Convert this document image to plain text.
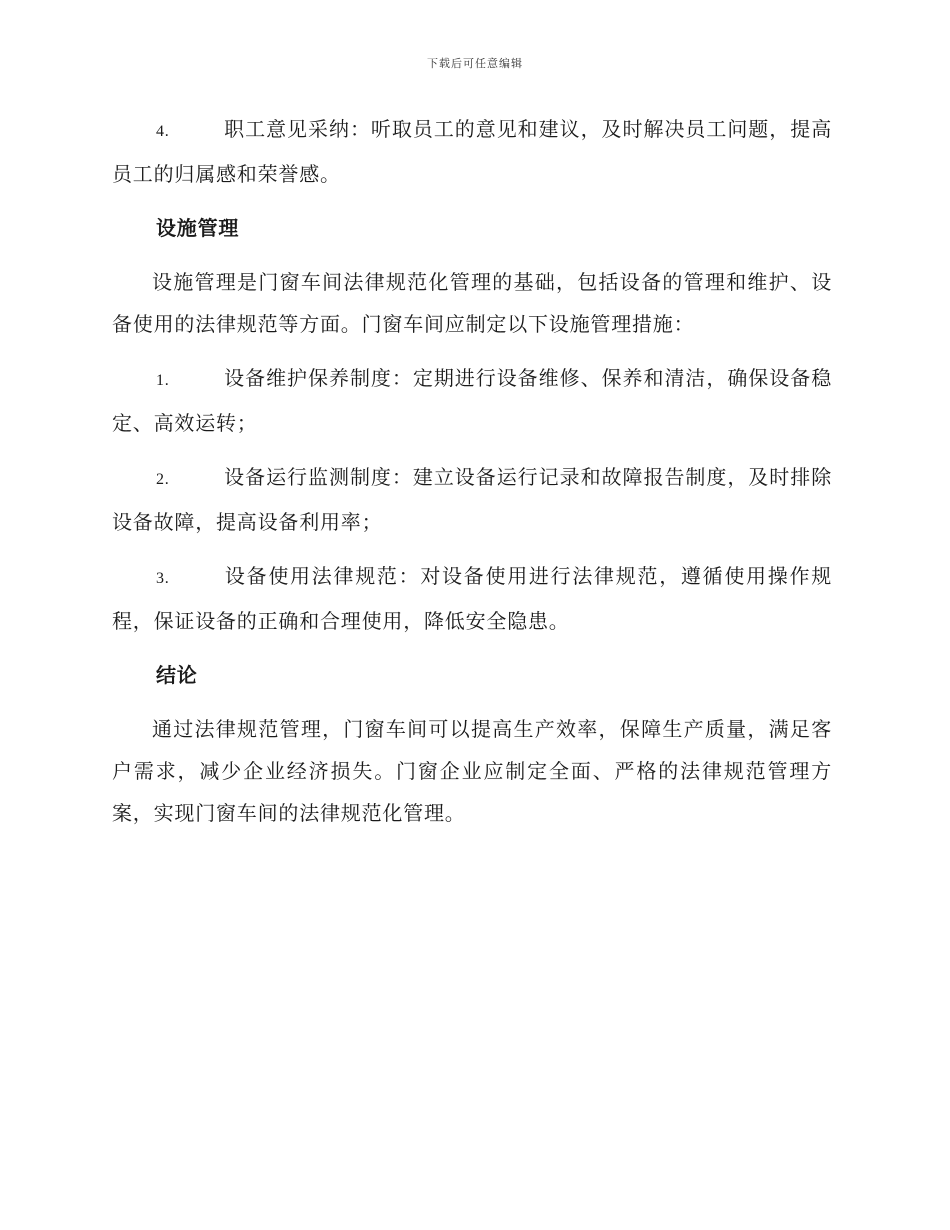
下载后可任意编辑

4.	职工意见采纳：听取员工的意见和建议，及时解决员工问题，提高员工的归属感和荣誉感。

设施管理

设施管理是门窗车间法律规范化管理的基础，包括设备的管理和维护、设备使用的法律规范等方面。门窗车间应制定以下设施管理措施：

1.	设备维护保养制度：定期进行设备维修、保养和清洁，确保设备稳定、高效运转；

2.	设备运行监测制度：建立设备运行记录和故障报告制度，及时排除设备故障，提高设备利用率；

3.	设备使用法律规范：对设备使用进行法律规范，遵循使用操作规程，保证设备的正确和合理使用，降低安全隐患。

结论

通过法律规范管理，门窗车间可以提高生产效率，保障生产质量，满足客户需求，减少企业经济损失。门窗企业应制定全面、严格的法律规范管理方案，实现门窗车间的法律规范化管理。
